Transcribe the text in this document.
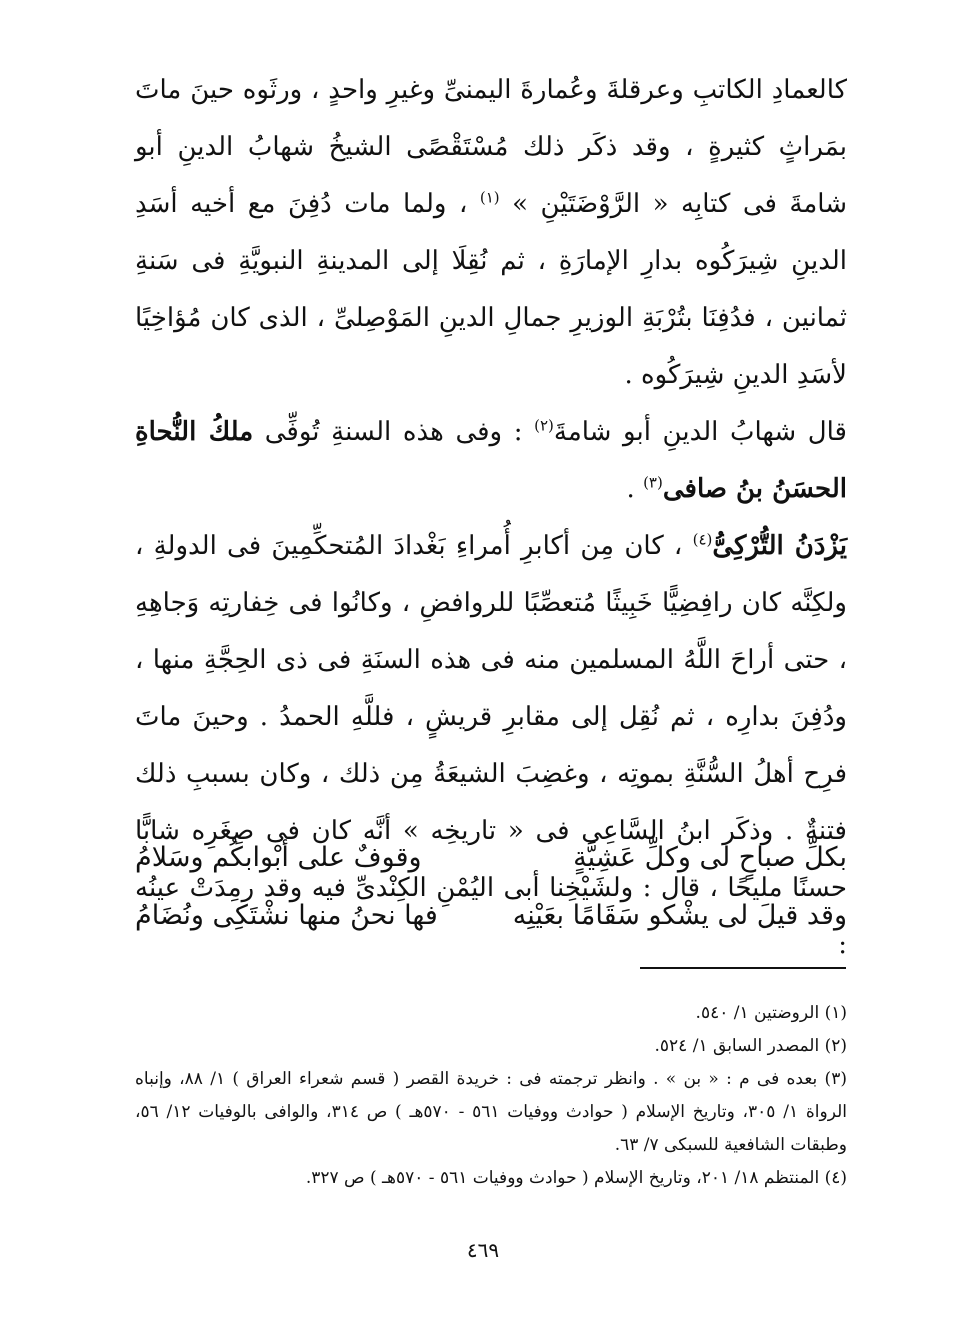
كالعمادِ الكاتبِ وعرقلةَ وعُمارةَ اليمنىِّ وغيرِ واحدٍ ، ورثَوه حينَ ماتَ بمَراثٍ كثيرةٍ ، وقد ذكَر ذلك مُسْتَقْصًى الشيخُ شهابُ الدينِ أبو شامةَ فى كتابِه « الرَّوْضَتَيْنِ » $^{(١)}$ ، ولما مات دُفِنَ مع أخيه أسَدِ الدينِ شِيرَكُوه بدارِ الإمارَةِ ، ثم نُقِلَا إلى المدينةِ النبويَّةِ فى سَنةِ ثمانين ، فدُفِنَا بتُرْبَةِ الوزيرِ جمالِ الدينِ المَوْصِلىِّ ، الذى كان مُؤاخِيًا لأسَدِ الدينِ شِيرَكُوه .

قال شهابُ الدينِ أبو شامةَ$^{(٢)}$ : وفى هذه السنةِ تُوفِّى ملكُ النُّحاةِ الحسَنُ بنُ صافى$^{(٣)}$ .

يَزْدَنُ التُّرْكِىُّ$^{(٤)}$ ، كان مِن أكابرِ أُمراءِ بَغْدادَ المُتحكِّمِينَ فى الدولةِ ، ولكِنَّه كان رافِضِيًّا خَبِيثًا مُتعصِّبًا للروافضِ ، وكانُوا فى خِفارتِه وَجاهِهِ ، حتى أراحَ اللَّهُ المسلمين منه فى هذه السنَةِ فى ذى الحِجَّةِ منها ، ودُفِنَ بدارِه ، ثم نُقِل إلى مقابرِ قريشٍ ، فللَّهِ الحمدُ . وحينَ ماتَ فرِح أهلُ السُّنَّةِ بموتِه ، وغضِبَ الشيعَةُ مِن ذلك ، وكان بسببِ ذلك فتنةٌ . وذكَر ابنُ السَّاعِى فى « تاريخِه » أنَّه كان فى صِغَرِه شابًّا حسنًا مليحًا ، قال : ولشَيْخِنا أبى اليُمْنِ الكِنْدىِّ فيه وقد رمِدَتْ عينُه :

بكلِّ صباحٍ لى وكلِّ عَشِيَّةٍ
وقوفٌ على أبْوابكُم وسَلامُ
وقد قيلَ لى يشْكو سَقَامًا بعَيْنِه
فها نحنُ منها نشْتَكِى ونُضَامُ

(١) الروضتين ١/ ٥٤٠.

(٢) المصدر السابق ١/ ٥٢٤.

(٣) بعده فى م : « بن » . وانظر ترجمته فى : خريدة القصر ( قسم شعراء العراق ) ١/ ٨٨، وإنباه الرواة ١/ ٣٠٥، وتاريخ الإسلام ( حوادث ووفيات ٥٦١ - ٥٧٠هـ ) ص ٣١٤، والوافى بالوفيات ١٢/ ٥٦، وطبقات الشافعية للسبكى ٧/ ٦٣.

(٤) المنتظم ١٨/ ٢٠١، وتاريخ الإسلام ( حوادث ووفيات ٥٦١ - ٥٧٠هـ ) ص ٣٢٧.

٤٦٩
